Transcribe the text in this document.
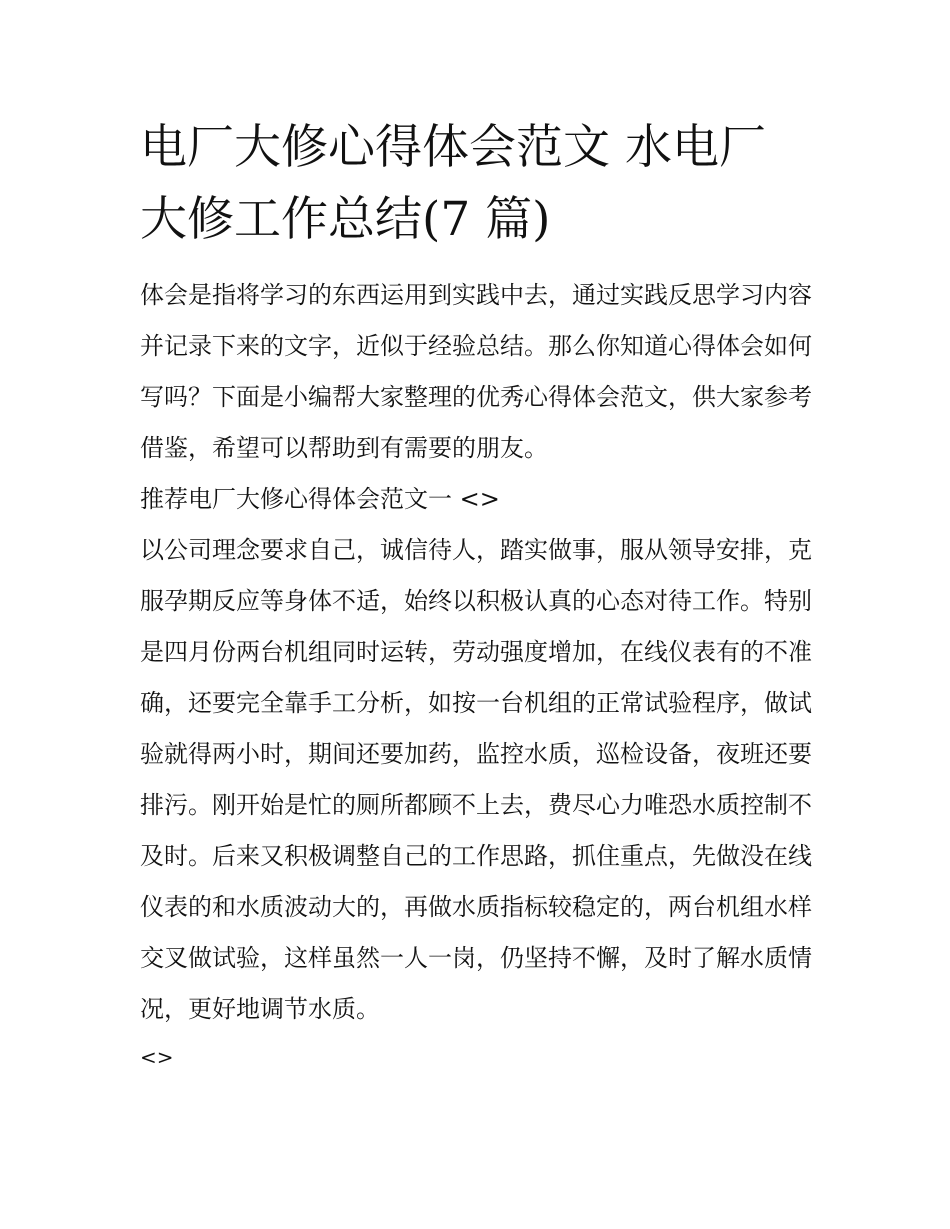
电厂大修心得体会范文 水电厂大修工作总结(7 篇)

体会是指将学习的东西运用到实践中去，通过实践反思学习内容并记录下来的文字，近似于经验总结。那么你知道心得体会如何写吗？下面是小编帮大家整理的优秀心得体会范文，供大家参考借鉴，希望可以帮助到有需要的朋友。

推荐电厂大修心得体会范文一 <>

以公司理念要求自己，诚信待人，踏实做事，服从领导安排，克服孕期反应等身体不适，始终以积极认真的心态对待工作。特别是四月份两台机组同时运转，劳动强度增加，在线仪表有的不准确，还要完全靠手工分析，如按一台机组的正常试验程序，做试验就得两小时，期间还要加药，监控水质，巡检设备，夜班还要排污。刚开始是忙的厕所都顾不上去，费尽心力唯恐水质控制不及时。后来又积极调整自己的工作思路，抓住重点，先做没在线仪表的和水质波动大的，再做水质指标较稳定的，两台机组水样交叉做试验，这样虽然一人一岗，仍坚持不懈，及时了解水质情况，更好地调节水质。

<>
